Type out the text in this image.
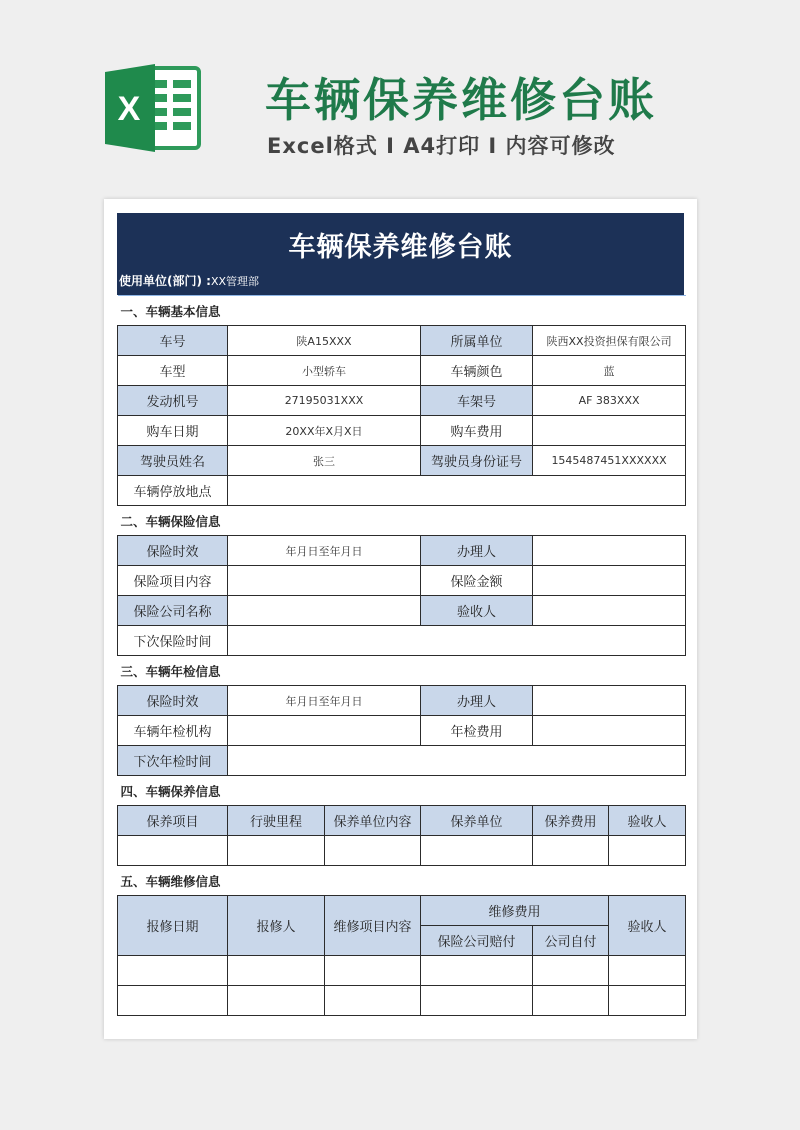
X	车辆保养维修台账
Excel格式 I A4打印 I 内容可修改
车辆保养维修台账
使用单位(部门) :XX管理部
一、车辆基本信息					
车号	陕A15XXX		所属单位	陕西XX投资担保有限公司	
车型	小型轿车		车辆颜色	蓝	
发动机号	27195031XXX		车架号	AF 383XXX	
购车日期	20XX年X月X日		购车费用		
驾驶员姓名	张三		驾驶员身份证号	1545487451XXXXXX	
车辆停放地点					
二、车辆保险信息					
保险时效	年月日至年月日		办理人		
保险项目内容			保险金额		
保险公司名称			验收人		
下次保险时间					
三、车辆年检信息					
保险时效	年月日至年月日		办理人		
车辆年检机构			年检费用		
下次年检时间					
四、车辆保养信息					
保养项目	行驶里程	保养单位内容	保养单位	保养费用	验收人

五、车辆维修信息					
报修日期	报修人	维修项目内容	维修费用		验收人
			保险公司赔付	公司自付	
